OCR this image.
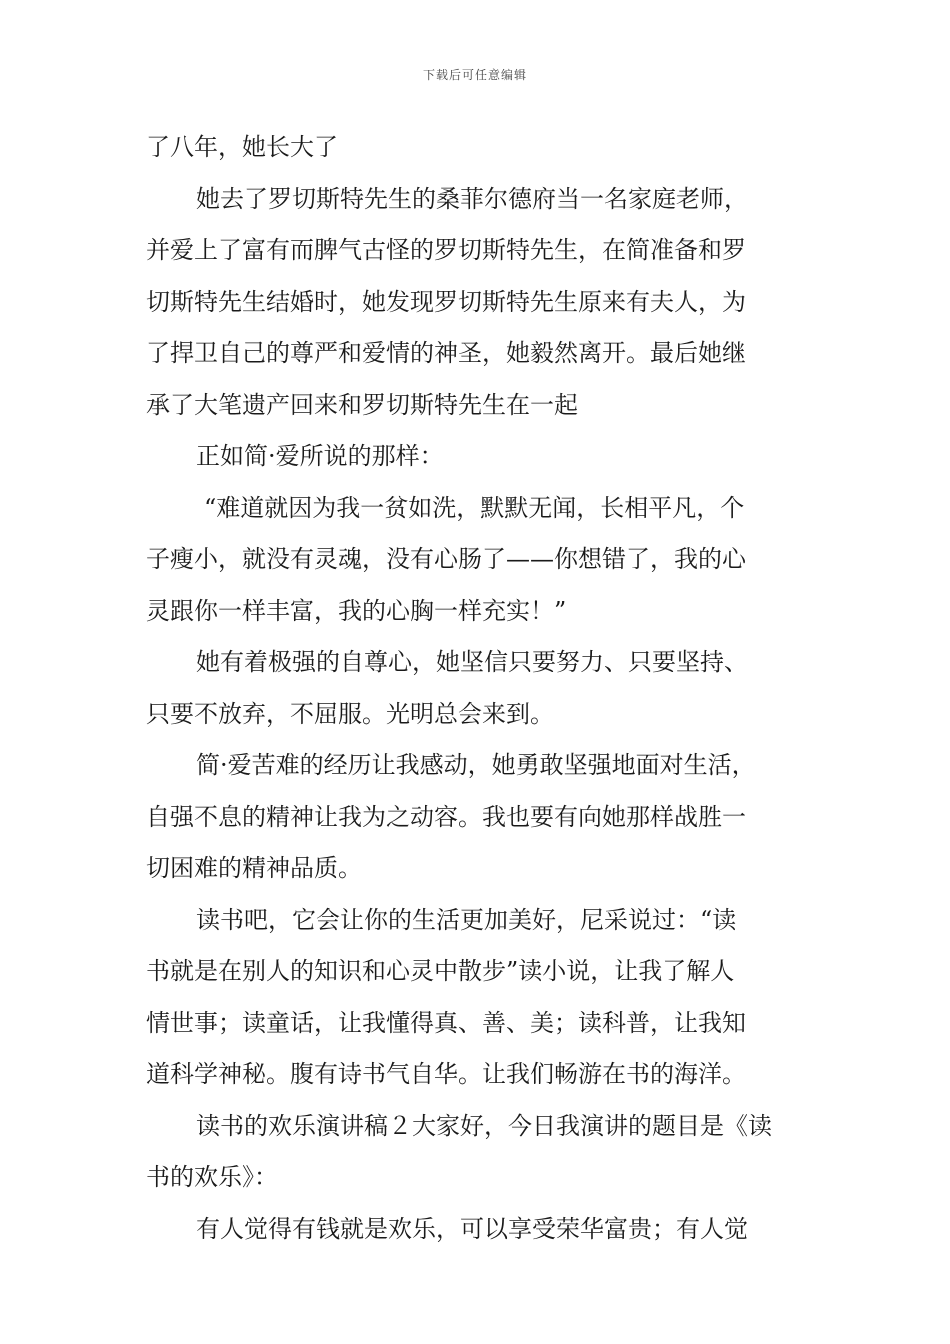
下载后可任意编辑
了八年，她长大了
她去了罗切斯特先生的桑菲尔德府当一名家庭老师，
并爱上了富有而脾气古怪的罗切斯特先生，在简准备和罗
切斯特先生结婚时，她发现罗切斯特先生原来有夫人，为
了捍卫自己的尊严和爱情的神圣，她毅然离开。最后她继
承了大笔遗产回来和罗切斯特先生在一起
正如简·爱所说的那样：
“难道就因为我一贫如洗，默默无闻，长相平凡，个
子瘦小，就没有灵魂，没有心肠了——你想错了，我的心
灵跟你一样丰富，我的心胸一样充实！”
她有着极强的自尊心，她坚信只要努力、只要坚持、
只要不放弃，不屈服。光明总会来到。
简·爱苦难的经历让我感动，她勇敢坚强地面对生活，
自强不息的精神让我为之动容。我也要有向她那样战胜一
切困难的精神品质。
读书吧，它会让你的生活更加美好，尼采说过：“读
书就是在别人的知识和心灵中散步”读小说，让我了解人
情世事；读童话，让我懂得真、善、美；读科普，让我知
道科学神秘。腹有诗书气自华。让我们畅游在书的海洋。
读书的欢乐演讲稿２大家好，今日我演讲的题目是《读
书的欢乐》：
有人觉得有钱就是欢乐，可以享受荣华富贵；有人觉
